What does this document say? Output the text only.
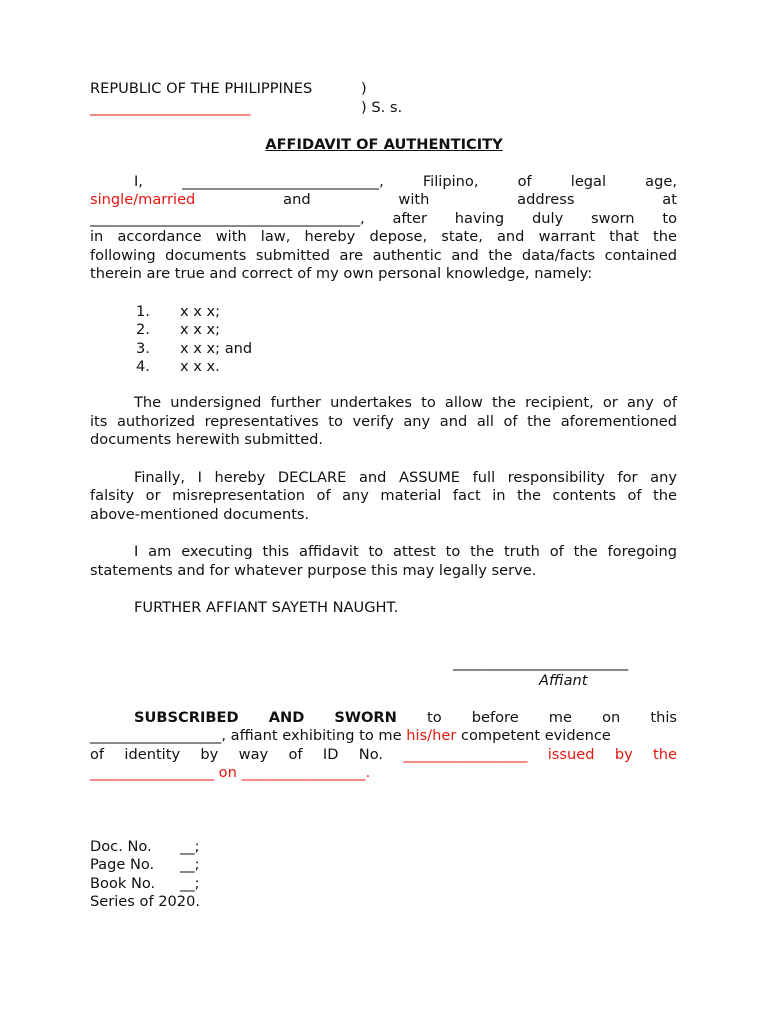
REPUBLIC OF THE PHILIPPINES	)
______________________	) S. s.
AFFIDAVIT OF AUTHENTICITY
I,	___________________________,	Filipino,	of	legal	age,
single/married	and	with	address	at
_____________________________________, after having duly sworn to
in accordance with law, hereby depose, state, and warrant that the
following documents submitted are authentic and the data/facts contained
therein are true and correct of my own personal knowledge, namely:
1. x x x;
2. x x x;
3. x x x; and
4. x x x.
The undersigned further undertakes to allow the recipient, or any of
its authorized representatives to verify any and all of the aforementioned
documents herewith submitted.
Finally, I hereby DECLARE and ASSUME full responsibility for any
falsity or misrepresentation of any material fact in the contents of the
above-mentioned documents.
I am executing this affidavit to attest to the truth of the foregoing
statements and for whatever purpose this may legally serve.
FURTHER AFFIANT SAYETH NAUGHT.
________________________
Affiant
SUBSCRIBED AND SWORN to before me on this
__________________, affiant exhibiting to me his/her competent evidence
of identity by way of ID No. _________________ issued by the
_________________ on _________________.
Doc. No. __;
Page No. __;
Book No. __;
Series of 2020.
